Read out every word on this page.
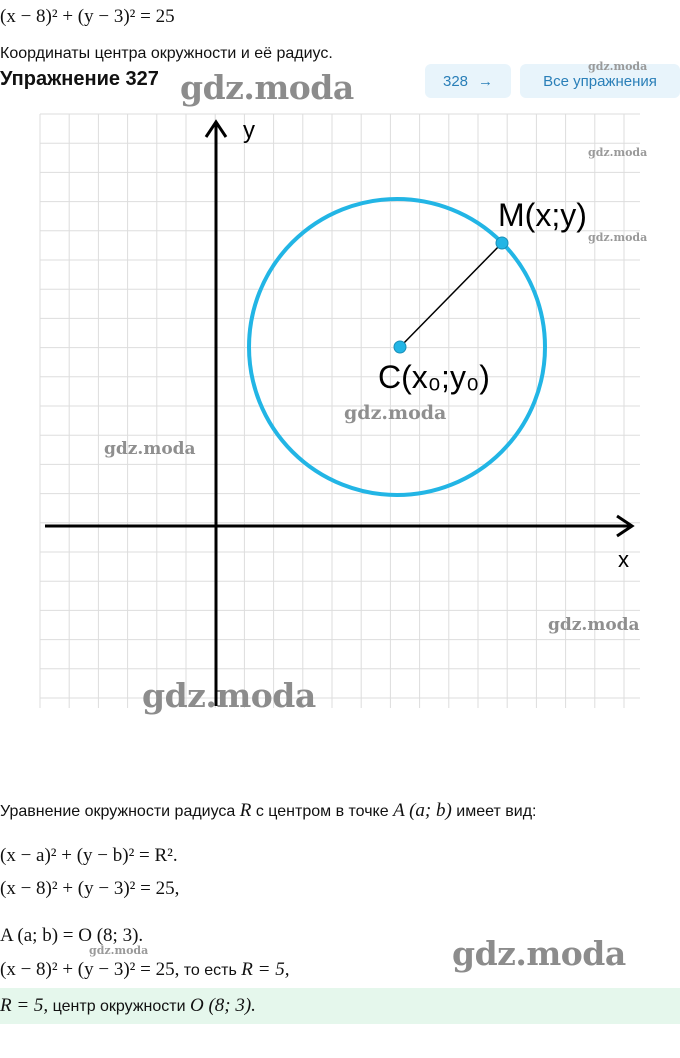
(x − 8)² + (y − 3)² = 25
Координаты центра окружности и её радиус.
Упражнение 327 gdz.moda	328 →	Все упражнения
gdz.moda
y
x
M(x;y)
C(x₀;y₀)
gdz.moda
gdz.moda
gdz.moda
gdz.moda
gdz.moda
gdz.moda
Уравнение окружности радиуса R с центром в точке A (a; b) имеет вид:
(x − a)² + (y − b)² = R².
(x − 8)² + (y − 3)² = 25,
A (a; b) = O (8; 3).
gdz.moda
(x − 8)² + (y − 3)² = 25, то есть R = 5,	gdz.moda
R = 5, центр окружности O (8; 3).
